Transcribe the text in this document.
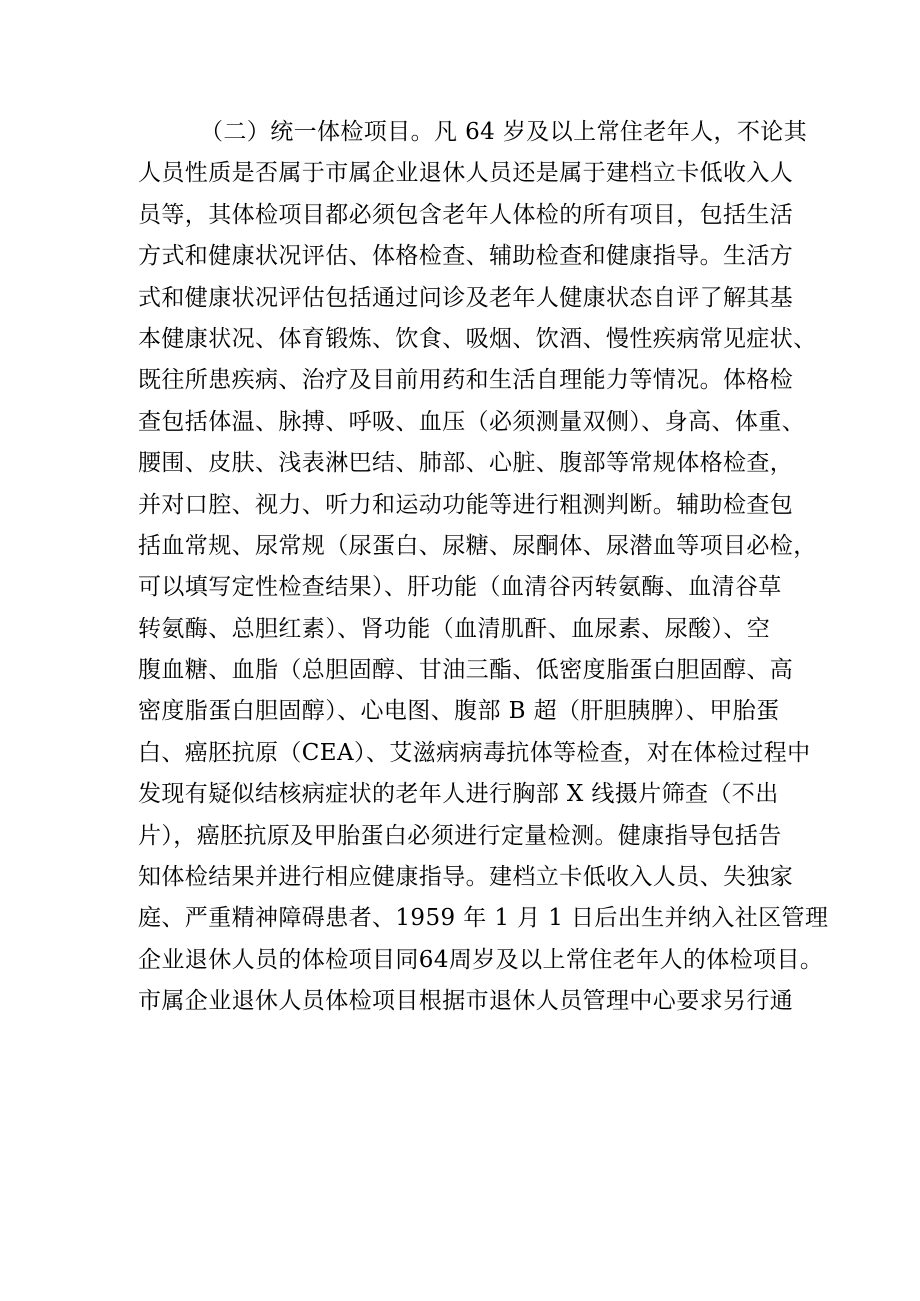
（二）统一体检项目。凡 64 岁及以上常住老年人，不论其
人员性质是否属于市属企业退休人员还是属于建档立卡低收入人
员等，其体检项目都必须包含老年人体检的所有项目，包括生活
方式和健康状况评估、体格检查、辅助检查和健康指导。生活方
式和健康状况评估包括通过问诊及老年人健康状态自评了解其基
本健康状况、体育锻炼、饮食、吸烟、饮酒、慢性疾病常见症状、
既往所患疾病、治疗及目前用药和生活自理能力等情况。体格检
查包括体温、脉搏、呼吸、血压（必须测量双侧）、身高、体重、
腰围、皮肤、浅表淋巴结、肺部、心脏、腹部等常规体格检查，
并对口腔、视力、听力和运动功能等进行粗测判断。辅助检查包
括血常规、尿常规（尿蛋白、尿糖、尿酮体、尿潜血等项目必检，
可以填写定性检查结果）、肝功能（血清谷丙转氨酶、血清谷草
转氨酶、总胆红素）、肾功能（血清肌酐、血尿素、尿酸）、空
腹血糖、血脂（总胆固醇、甘油三酯、低密度脂蛋白胆固醇、高
密度脂蛋白胆固醇）、心电图、腹部 B 超（肝胆胰脾）、甲胎蛋
白、癌胚抗原（CEA）、艾滋病病毒抗体等检查，对在体检过程中
发现有疑似结核病症状的老年人进行胸部 X 线摄片筛查（不出
片），癌胚抗原及甲胎蛋白必须进行定量检测。健康指导包括告
知体检结果并进行相应健康指导。建档立卡低收入人员、失独家
庭、严重精神障碍患者、1959 年 1 月 1 日后出生并纳入社区管理
企业退休人员的体检项目同64周岁及以上常住老年人的体检项目。
市属企业退休人员体检项目根据市退休人员管理中心要求另行通
